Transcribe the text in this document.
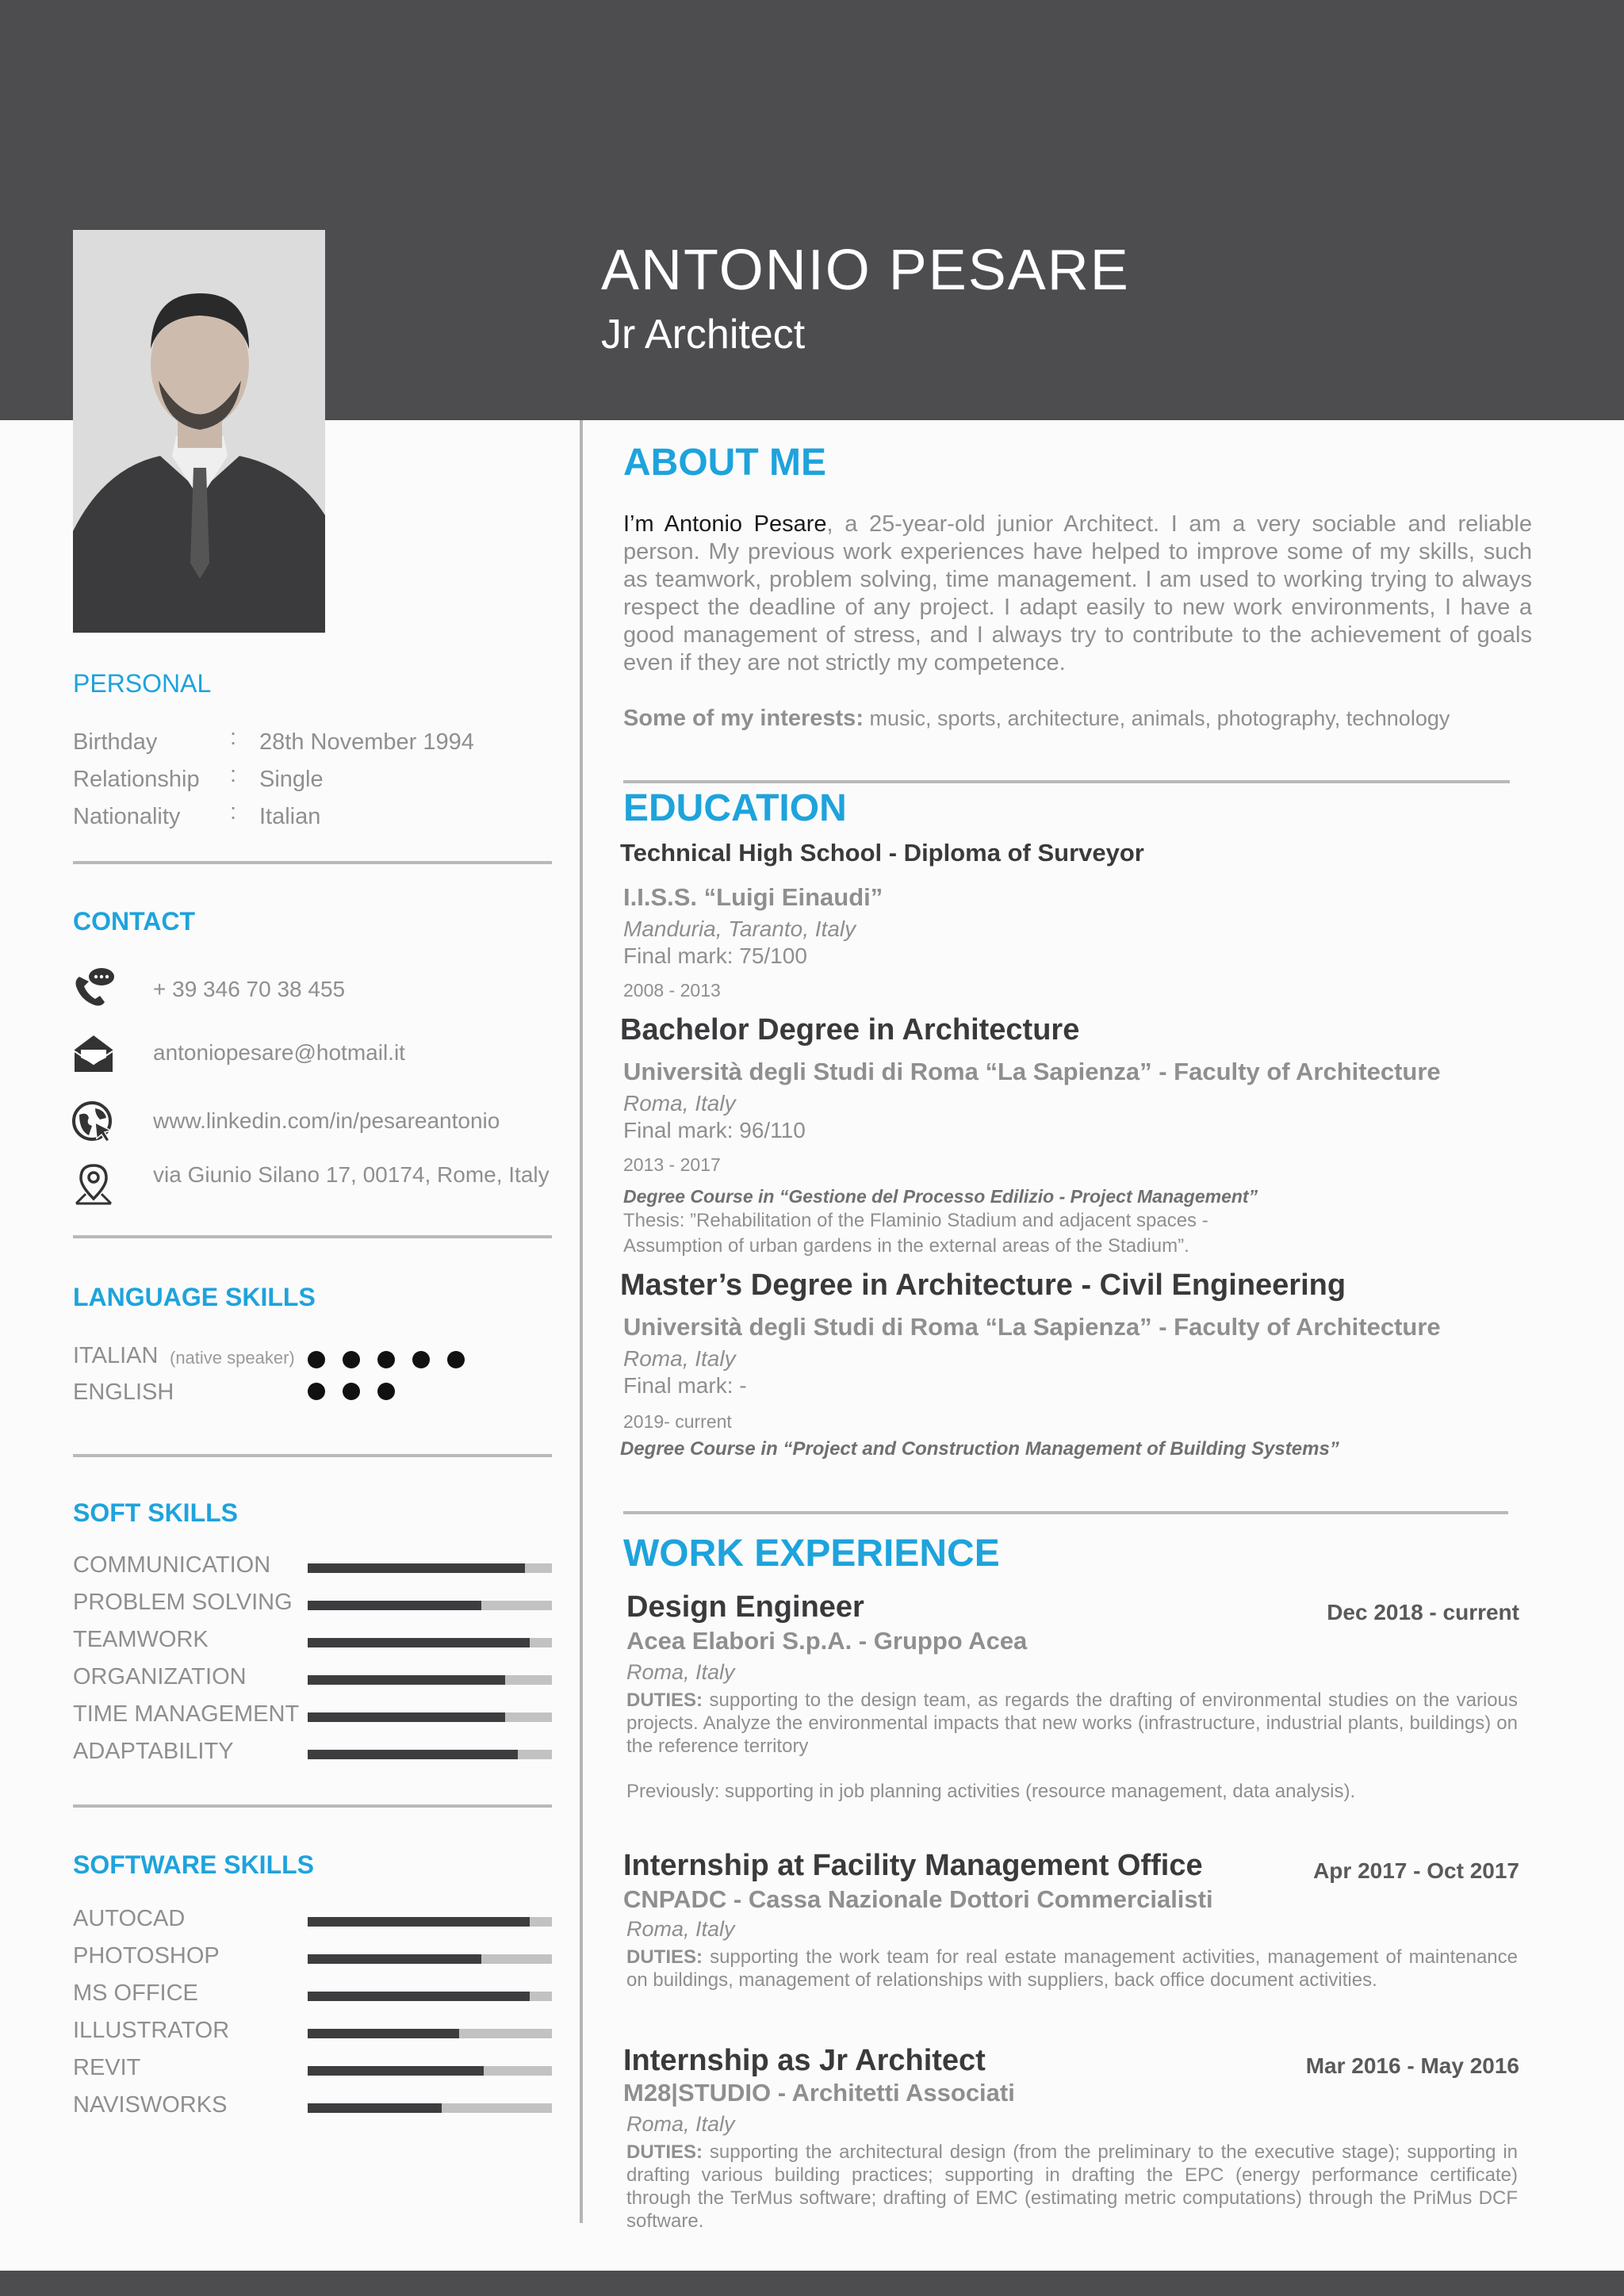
ANTONIO PESARE
Jr Architect
PERSONAL
Birthday	: 28th November 1994
Relationship : Single
Nationality : Italian
CONTACT
+ 39 346 70 38 455
antoniopesare@hotmail.it
www.linkedin.com/in/pesareantonio
via Giunio Silano 17, 00174, Rome, Italy
LANGUAGE SKILLS
ITALIAN (native speaker)
ENGLISH
SOFT SKILLS
COMMUNICATION
PROBLEM SOLVING
TEAMWORK
ORGANIZATION
TIME MANAGEMENT
ADAPTABILITY
SOFTWARE SKILLS
AUTOCAD
PHOTOSHOP
MS OFFICE
ILLUSTRATOR
REVIT
NAVISWORKS
ABOUT ME
I’m Antonio Pesare, a 25-year-old junior Architect. I am a very sociable and reliable person. My previous work experiences have helped to improve some of my skills, such as teamwork, problem solving, time management. I am used to working trying to always respect the deadline of any project. I adapt easily to new work environments, I have a good management of stress, and I always try to contribute to the achievement of goals even if they are not strictly my competence.
Some of my interests: music, sports, architecture, animals, photography, technology
EDUCATION
Technical High School - Diploma of Surveyor
I.I.S.S. “Luigi Einaudi”
Manduria, Taranto, Italy
Final mark: 75/100
2008 - 2013
Bachelor Degree in Architecture
Università degli Studi di Roma “La Sapienza” - Faculty of Architecture
Roma, Italy
Final mark: 96/110
2013 - 2017
Degree Course in “Gestione del Processo Edilizio - Project Management”
Thesis: ”Rehabilitation of the Flaminio Stadium and adjacent spaces -
Assumption of urban gardens in the external areas of the Stadium”.
Master’s Degree in Architecture - Civil Engineering
Università degli Studi di Roma “La Sapienza” - Faculty of Architecture
Roma, Italy
Final mark: -
2019- current
Degree Course in “Project and Construction Management of Building Systems”
WORK EXPERIENCE
Design Engineer	Dec 2018 - current
Acea Elabori S.p.A. - Gruppo Acea
Roma, Italy
DUTIES: supporting to the design team, as regards the drafting of environmental studies on the various projects. Analyze the environmental impacts that new works (infrastructure, industrial plants, buildings) on the reference territory
Previously: supporting in job planning activities (resource management, data analysis).
Internship at Facility Management Office	Apr 2017 - Oct 2017
CNPADC - Cassa Nazionale Dottori Commercialisti
Roma, Italy
DUTIES: supporting the work team for real estate management activities, management of maintenance on buildings, management of relationships with suppliers, back office document activities.
Internship as Jr Architect	Mar 2016 - May 2016
M28|STUDIO - Architetti Associati
Roma, Italy
DUTIES: supporting the architectural design (from the preliminary to the executive stage); supporting in drafting various building practices; supporting in drafting the EPC (energy performance certificate) through the TerMus software; drafting of EMC (estimating metric computations) through the PriMus DCF software.
